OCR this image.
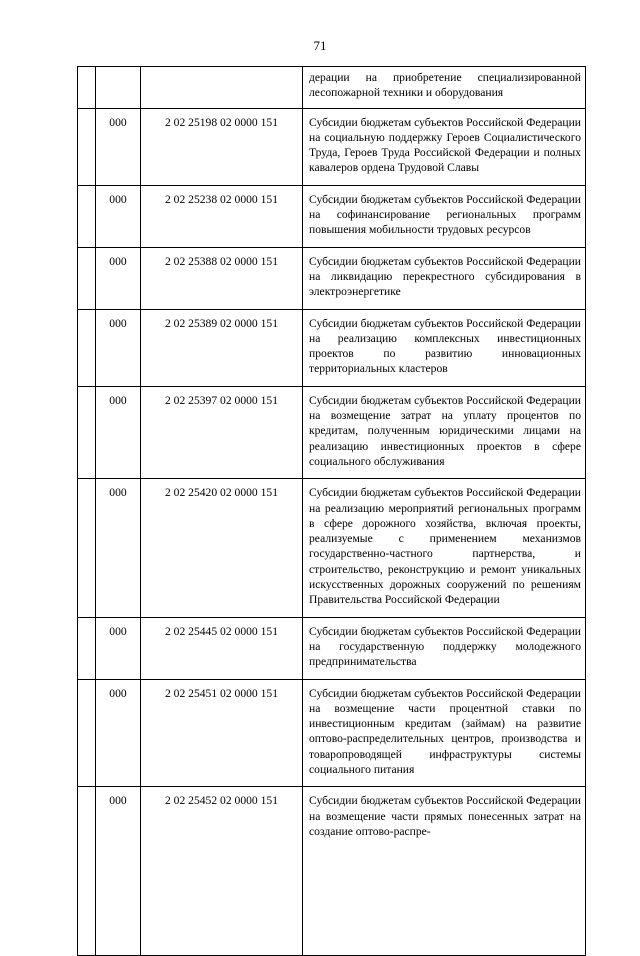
71

			дерации на приобретение специализированной лесопожарной техники и оборудования

	000	2 02 25198 02 0000 151	Субсидии бюджетам субъектов Российской Федерации на социальную поддержку Героев Социалистического Труда, Героев Труда Российской Федерации и полных кавалеров ордена Трудовой Славы

	000	2 02 25238 02 0000 151	Субсидии бюджетам субъектов Российской Федерации на софинансирование региональных программ повышения мобильности трудовых ресурсов

	000	2 02 25388 02 0000 151	Субсидии бюджетам субъектов Российской Федерации на ликвидацию перекрестного субсидирования в электроэнергетике

	000	2 02 25389 02 0000 151	Субсидии бюджетам субъектов Российской Федерации на реализацию комплексных инвестиционных проектов по развитию инновационных территориальных кластеров

	000	2 02 25397 02 0000 151	Субсидии бюджетам субъектов Российской Федерации на возмещение затрат на уплату процентов по кредитам, полученным юридическими лицами на реализацию инвестиционных проектов в сфере социального обслуживания

	000	2 02 25420 02 0000 151	Субсидии бюджетам субъектов Российской Федерации на реализацию мероприятий региональных программ в сфере дорожного хозяйства, включая проекты, реализуемые с применением механизмов государственно-частного партнерства, и строительство, реконструкцию и ремонт уникальных искусственных дорожных сооружений по решениям Правительства Российской Федерации

	000	2 02 25445 02 0000 151	Субсидии бюджетам субъектов Российской Федерации на государственную поддержку молодежного предпринимательства

	000	2 02 25451 02 0000 151	Субсидии бюджетам субъектов Российской Федерации на возмещение части процентной ставки по инвестиционным кредитам (займам) на развитие оптово-распределительных центров, производства и товаропроводящей инфраструктуры системы социального питания

	000	2 02 25452 02 0000 151	Субсидии бюджетам субъектов Российской Федерации на возмещение части прямых понесенных затрат на создание оптово-распре-
